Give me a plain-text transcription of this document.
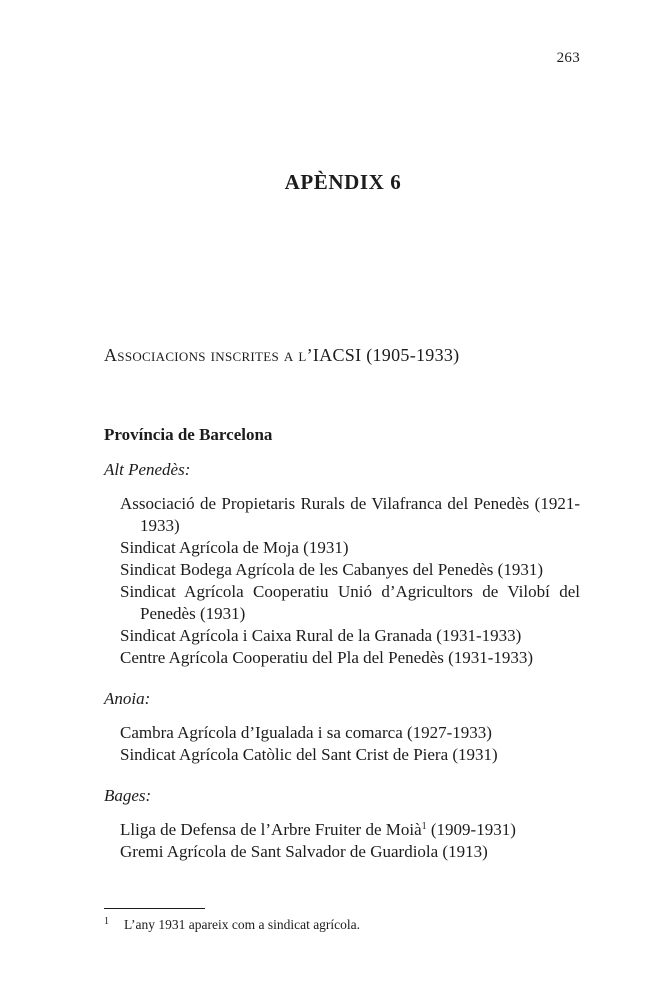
263
APÈNDIX 6
Associacions inscrites a l’IACSI (1905-1933)
Província de Barcelona
Alt Penedès:
Associació de Propietaris Rurals de Vilafranca del Penedès (1921-1933)
Sindicat Agrícola de Moja (1931)
Sindicat Bodega Agrícola de les Cabanyes del Penedès (1931)
Sindicat Agrícola Cooperatiu Unió d’Agricultors de Vilobí del Penedès (1931)
Sindicat Agrícola i Caixa Rural de la Granada (1931-1933)
Centre Agrícola Cooperatiu del Pla del Penedès (1931-1933)
Anoia:
Cambra Agrícola d’Igualada i sa comarca (1927-1933)
Sindicat Agrícola Catòlic del Sant Crist de Piera (1931)
Bages:
Lliga de Defensa de l’Arbre Fruiter de Moià$^1$ (1909-1931)
Gremi Agrícola de Sant Salvador de Guardiola (1913)
1 L’any 1931 apareix com a sindicat agrícola.
